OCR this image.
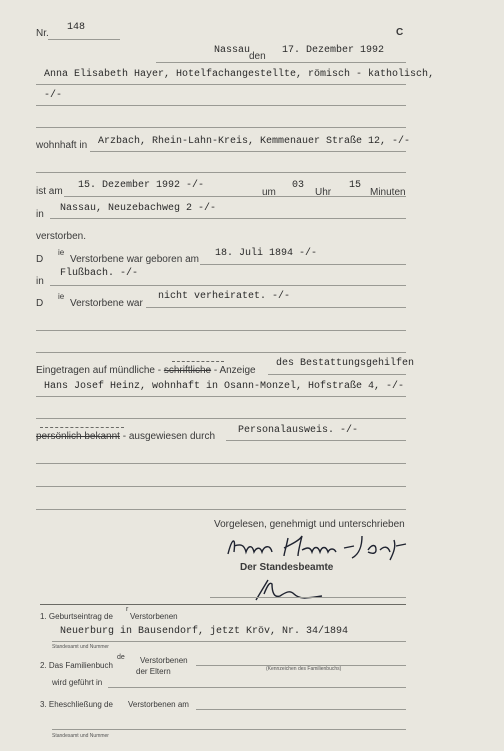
Nr.
148	C
Nassau
den
17. Dezember 1992
Anna Elisabeth Hayer, Hotelfachangestellte, römisch - katholisch,
-/-
wohnhaft in Arzbach, Rhein-Lahn-Kreis, Kemmenauer Straße 12, -/-
ist am
15. Dezember 1992 -/-
um
03
Uhr
15
Minuten
in
Nassau, Neuzebachweg 2 -/-
verstorben.
D
ie
Verstorbene war geboren am
18. Juli 1894 -/-
in
Flußbach. -/-
D
ie
Verstorbene war
nicht verheiratet. -/-
Eingetragen auf mündliche - schriftliche - Anzeige
des Bestattungsgehilfen
Hans Josef Heinz, wohnhaft in Osann-Monzel, Hofstraße 4, -/-
persönlich bekannt - ausgewiesen durch
Personalausweis. -/-
Vorgelesen, genehmigt und unterschrieben
Der Standesbeamte
1. Geburtseintrag de
r
Verstorbenen
Neuerburg in Bausendorf, jetzt Kröv, Nr. 34/1894
Standesamt und Nummer
2. Das Familienbuch
de Verstorbenen
der Eltern	(Kennzeichen des Familienbuchs)
wird geführt in
3. Eheschließung de Verstorbenen am
Standesamt und Nummer
